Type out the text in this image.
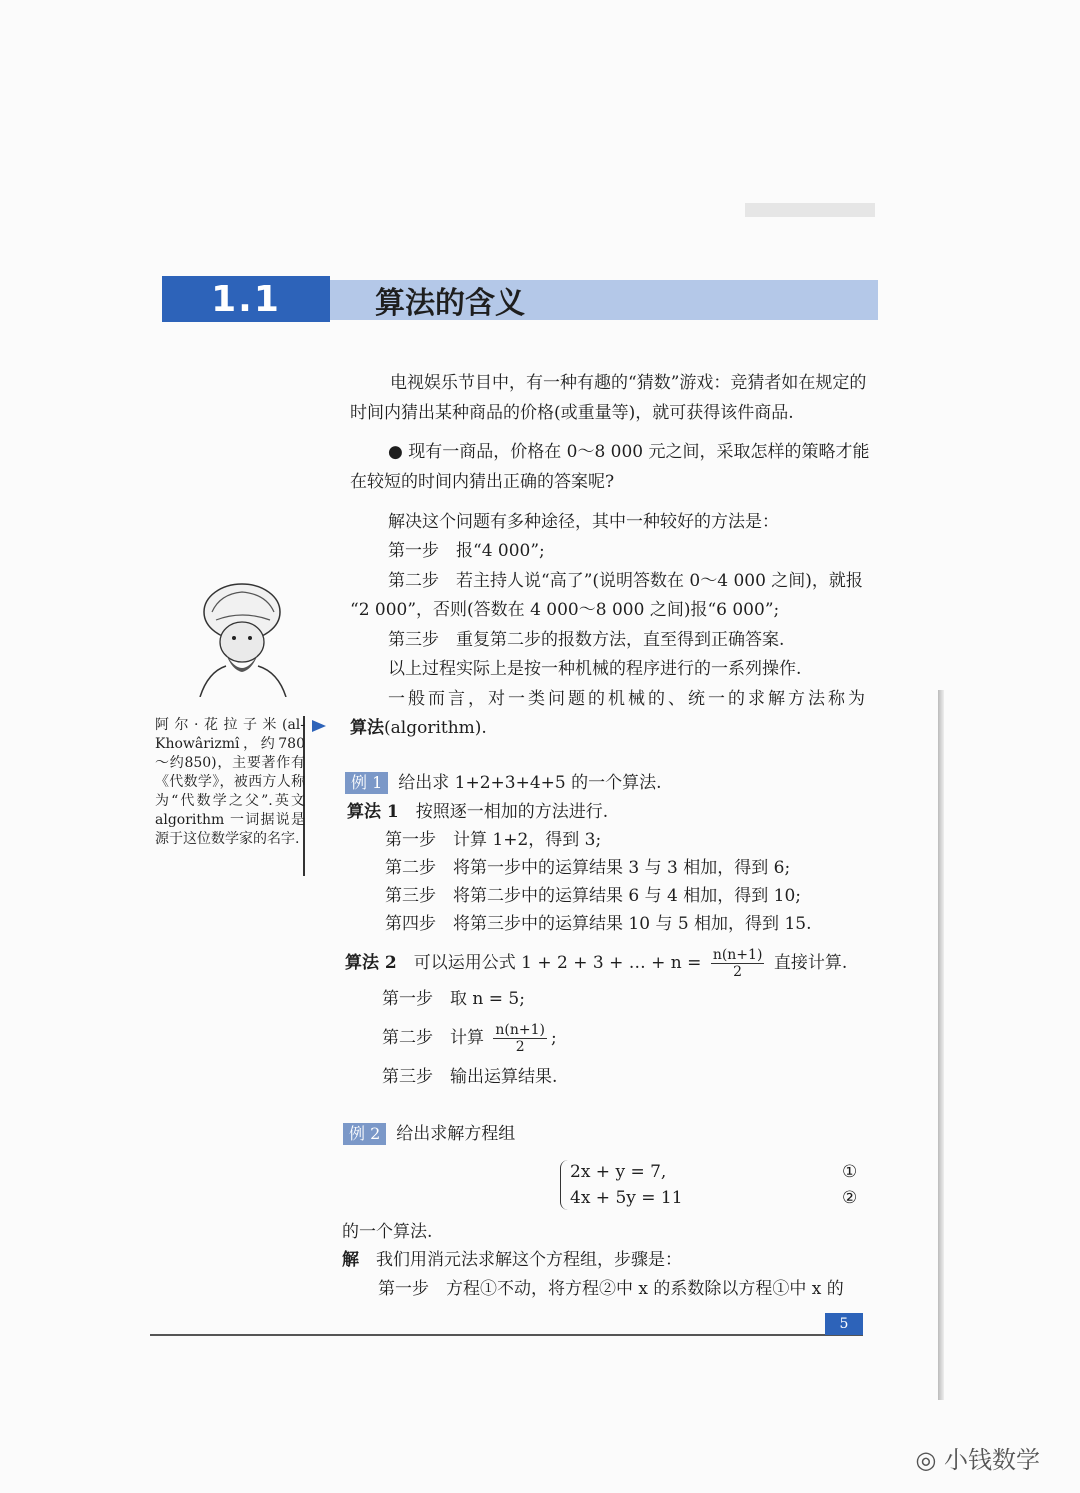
1.1	算法的含义
电视娱乐节目中，有一种有趣的“猜数”游戏：竞猜者如在规定的
时间内猜出某种商品的价格(或重量等)，就可获得该件商品.
● 现有一商品，价格在 0～8 000 元之间，采取怎样的策略才能
在较短的时间内猜出正确的答案呢?
解决这个问题有多种途径，其中一种较好的方法是：
第一步　报“4 000”;
第二步　若主持人说“高了”(说明答数在 0～4 000 之间)，就报
“2 000”，否则(答数在 4 000～8 000 之间)报“6 000”;
第三步　重复第二步的报数方法，直至得到正确答案.
以上过程实际上是按一种机械的程序进行的一系列操作.
一般而言，对一类问题的机械的、统一的求解方法称为
算法(algorithm).
阿尔·花拉子米(al-Khowârizmî，约780～约850)，主要著作有《代数学》，被西方人称为“代数学之父”.英文 algorithm 一词据说是源于这位数学家的名字.
例 1 给出求 1+2+3+4+5 的一个算法.
算法 1　 按照逐一相加的方法进行.
第一步　计算 1+2，得到 3;
第二步　将第一步中的运算结果 3 与 3 相加，得到 6;
第三步　将第二步中的运算结果 6 与 4 相加，得到 10;
第四步　将第三步中的运算结果 10 与 5 相加，得到 15.
算法 2　 可以运用公式 1 + 2 + 3 + … + $n = \frac{n(n+1)}{2}$ 直接计算.
第一步　取 n = 5;
第二步　计算 $\frac{n(n+1)}{2}$ ;
第三步　输出运算结果.
例 2 给出求解方程组
2x + y = 7,
4x + 5y = 11
①
②
的一个算法.
解　 我们用消元法求解这个方程组，步骤是：
第一步　方程①不动，将方程②中 x 的系数除以方程①中 x 的
5
◎ 小钱数学
